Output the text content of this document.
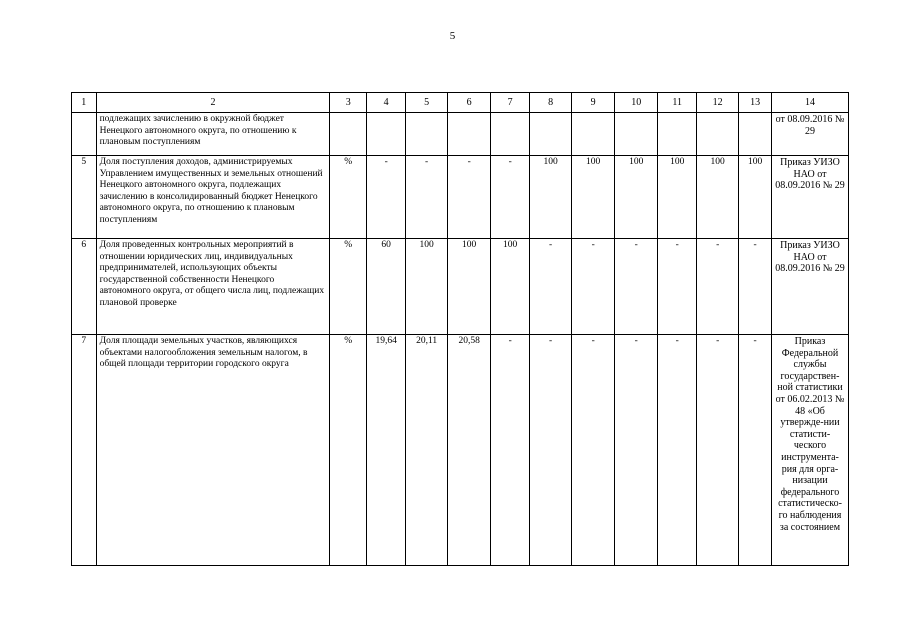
5
1	2	3	4	5	6	7	8	9	10	11	12	13	14
	подлежащих зачислению в окружной бюджет Ненецкого автономного округа, по отношению к плановым поступлениям												от 08.09.2016 № 29
5	Доля поступления доходов, администрируемых Управлением имущественных и земельных отношений Ненецкого автономного округа, подлежащих зачислению в консолидированный бюджет Ненецкого автономного округа, по отношению к плановым поступлениям	%	-	-	-	-	100	100	100	100	100	100	Приказ УИЗО НАО от 08.09.2016 № 29
6	Доля проведенных контрольных мероприятий в отношении юридических лиц, индивидуальных предпринимателей, использующих объекты государственной собственности Ненецкого автономного округа, от общего числа лиц, подлежащих плановой проверке	%	60	100	100	100	-	-	-	-	-	-	Приказ УИЗО НАО от 08.09.2016 № 29
7	Доля площади земельных участков, являющихся объектами налогообложения земельным налогом, в общей площади территории городского округа	%	19,64	20,11	20,58	-	-	-	-	-	-	-	Приказ Федеральной службы государствен-ной статистики от 06.02.2013 № 48 «Об утвержде-нии статисти-ческого инструмента-рия для орга-низации федерального статистическо-го наблюдения за состоянием
